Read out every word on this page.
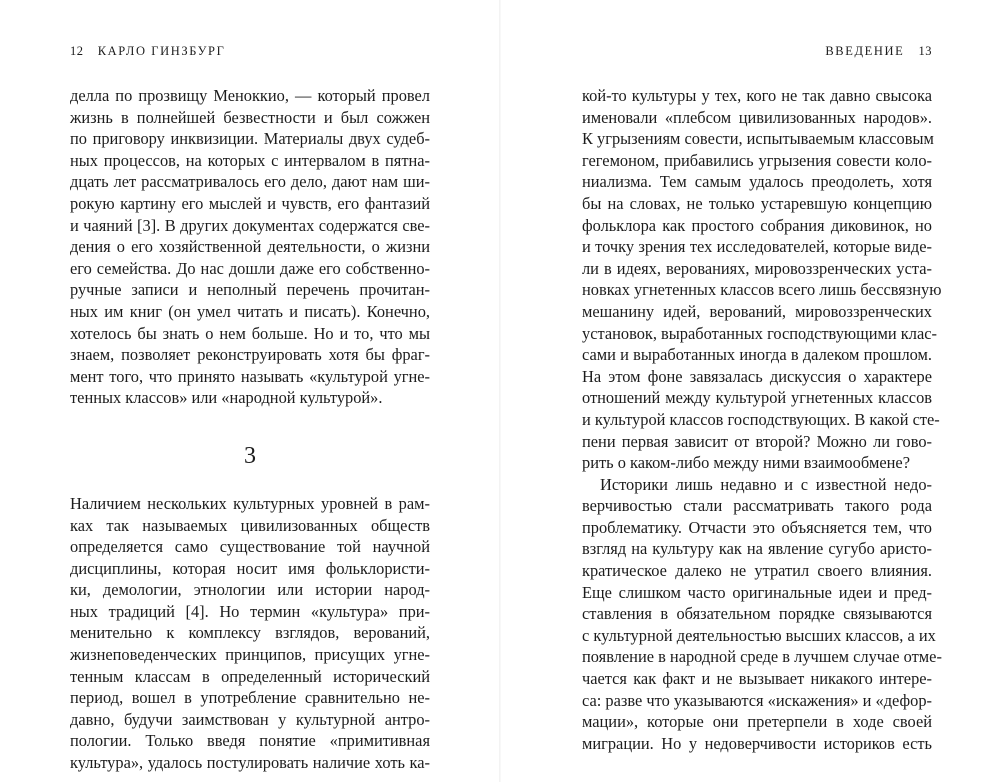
12 КАРЛО ГИНЗБУРГ
делла по прозвищу Меноккио, — который провел
жизнь в полнейшей безвестности и был сожжен
по приговору инквизиции. Материалы двух судеб-
ных процессов, на которых с интервалом в пятна-
дцать лет рассматривалось его дело, дают нам ши-
рокую картину его мыслей и чувств, его фантазий
и чаяний [3]. В других документах содержатся све-
дения о его хозяйственной деятельности, о жизни
его семейства. До нас дошли даже его собственно-
ручные записи и неполный перечень прочитан-
ных им книг (он умел читать и писать). Конечно,
хотелось бы знать о нем больше. Но и то, что мы
знаем, позволяет реконструировать хотя бы фраг-
мент того, что принято называть «культурой угне-
тенных классов» или «народной культурой».
3
Наличием нескольких культурных уровней в рам-
ках так называемых цивилизованных обществ
определяется само существование той научной
дисциплины, которая носит имя фольклористи-
ки, демологии, этнологии или истории народ-
ных традиций [4]. Но термин «культура» при-
менительно к комплексу взглядов, верований,
жизнеповеденческих принципов, присущих угне-
тенным классам в определенный исторический
период, вошел в употребление сравнительно не-
давно, будучи заимствован у культурной антро-
пологии. Только введя понятие «примитивная
культура», удалось постулировать наличие хоть ка-
ВВЕДЕНИЕ 13
кой-то культуры у тех, кого не так давно свысока
именовали «плебсом цивилизованных народов».
К угрызениям совести, испытываемым классовым
гегемоном, прибавились угрызения совести коло-
ниализма. Тем самым удалось преодолеть, хотя
бы на словах, не только устаревшую концепцию
фольклора как простого собрания диковинок, но
и точку зрения тех исследователей, которые виде-
ли в идеях, верованиях, мировоззренческих уста-
новках угнетенных классов всего лишь бессвязную
мешанину идей, верований, мировоззренческих
установок, выработанных господствующими клас-
сами и выработанных иногда в далеком прошлом.
На этом фоне завязалась дискуссия о характере
отношений между культурой угнетенных классов
и культурой классов господствующих. В какой сте-
пени первая зависит от второй? Можно ли гово-
рить о каком-либо между ними взаимообмене?
Историки лишь недавно и с известной недо-
верчивостью стали рассматривать такого рода
проблематику. Отчасти это объясняется тем, что
взгляд на культуру как на явление сугубо аристо-
кратическое далеко не утратил своего влияния.
Еще слишком часто оригинальные идеи и пред-
ставления в обязательном порядке связываются
с культурной деятельностью высших классов, а их
появление в народной среде в лучшем случае отме-
чается как факт и не вызывает никакого интере-
са: разве что указываются «искажения» и «дефор-
мации», которые они претерпели в ходе своей
миграции. Но у недоверчивости историков есть
